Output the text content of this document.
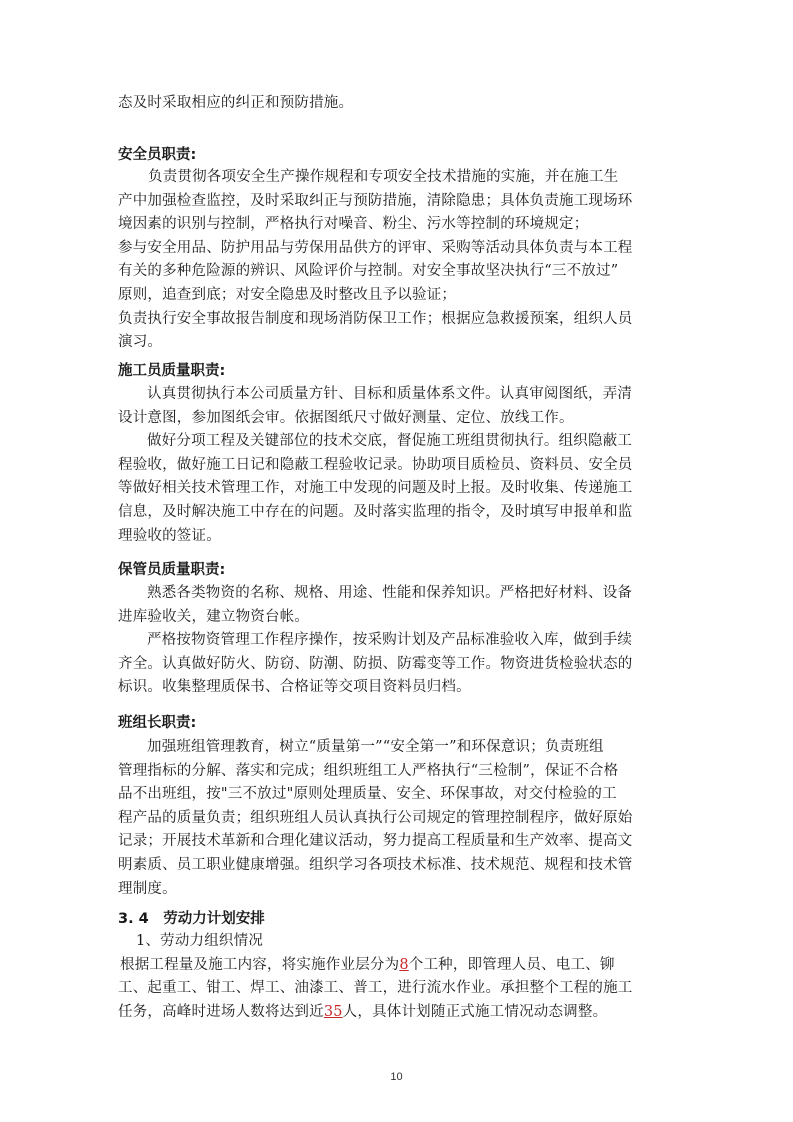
态及时采取相应的纠正和预防措施。
安全员职责:
负责贯彻各项安全生产操作规程和专项安全技术措施的实施，并在施工生
产中加强检查监控，及时采取纠正与预防措施，清除隐患；具体负责施工现场环
境因素的识别与控制，严格执行对噪音、粉尘、污水等控制的环境规定；
参与安全用品、防护用品与劳保用品供方的评审、采购等活动具体负责与本工程
有关的多种危险源的辨识、风险评价与控制。对安全事故坚决执行“三不放过”
原则，追查到底；对安全隐患及时整改且予以验证；
负责执行安全事故报告制度和现场消防保卫工作；根据应急救援预案，组织人员
演习。
施工员质量职责:
认真贯彻执行本公司质量方针、目标和质量体系文件。认真审阅图纸，弄清
设计意图，参加图纸会审。依据图纸尺寸做好测量、定位、放线工作。
做好分项工程及关键部位的技术交底，督促施工班组贯彻执行。组织隐蔽工
程验收，做好施工日记和隐蔽工程验收记录。协助项目质检员、资料员、安全员
等做好相关技术管理工作，对施工中发现的问题及时上报。及时收集、传递施工
信息，及时解决施工中存在的问题。及时落实监理的指令，及时填写申报单和监
理验收的签证。
保管员质量职责:
熟悉各类物资的名称、规格、用途、性能和保养知识。严格把好材料、设备
进库验收关，建立物资台帐。
严格按物资管理工作程序操作，按采购计划及产品标准验收入库，做到手续
齐全。认真做好防火、防窃、防潮、防损、防霉变等工作。物资进货检验状态的
标识。收集整理质保书、合格证等交项目资料员归档。
班组长职责:
加强班组管理教育，树立“质量第一”“安全第一”和环保意识；负责班组
管理指标的分解、落实和完成；组织班组工人严格执行“三检制”，保证不合格
品不出班组，按"三不放过"原则处理质量、安全、环保事故，对交付检验的工
程产品的质量负责；组织班组人员认真执行公司规定的管理控制程序，做好原始
记录；开展技术革新和合理化建议活动，努力提高工程质量和生产效率、提高文
明素质、员工职业健康增强。组织学习各项技术标准、技术规范、规程和技术管
理制度。
3. 4　劳动力计划安排
1、劳动力组织情况
根据工程量及施工内容，将实施作业层分为8个工种，即管理人员、电工、铆
工、起重工、钳工、焊工、油漆工、普工，进行流水作业。承担整个工程的施工
任务，高峰时进场人数将达到近35人，具体计划随正式施工情况动态调整。
10
